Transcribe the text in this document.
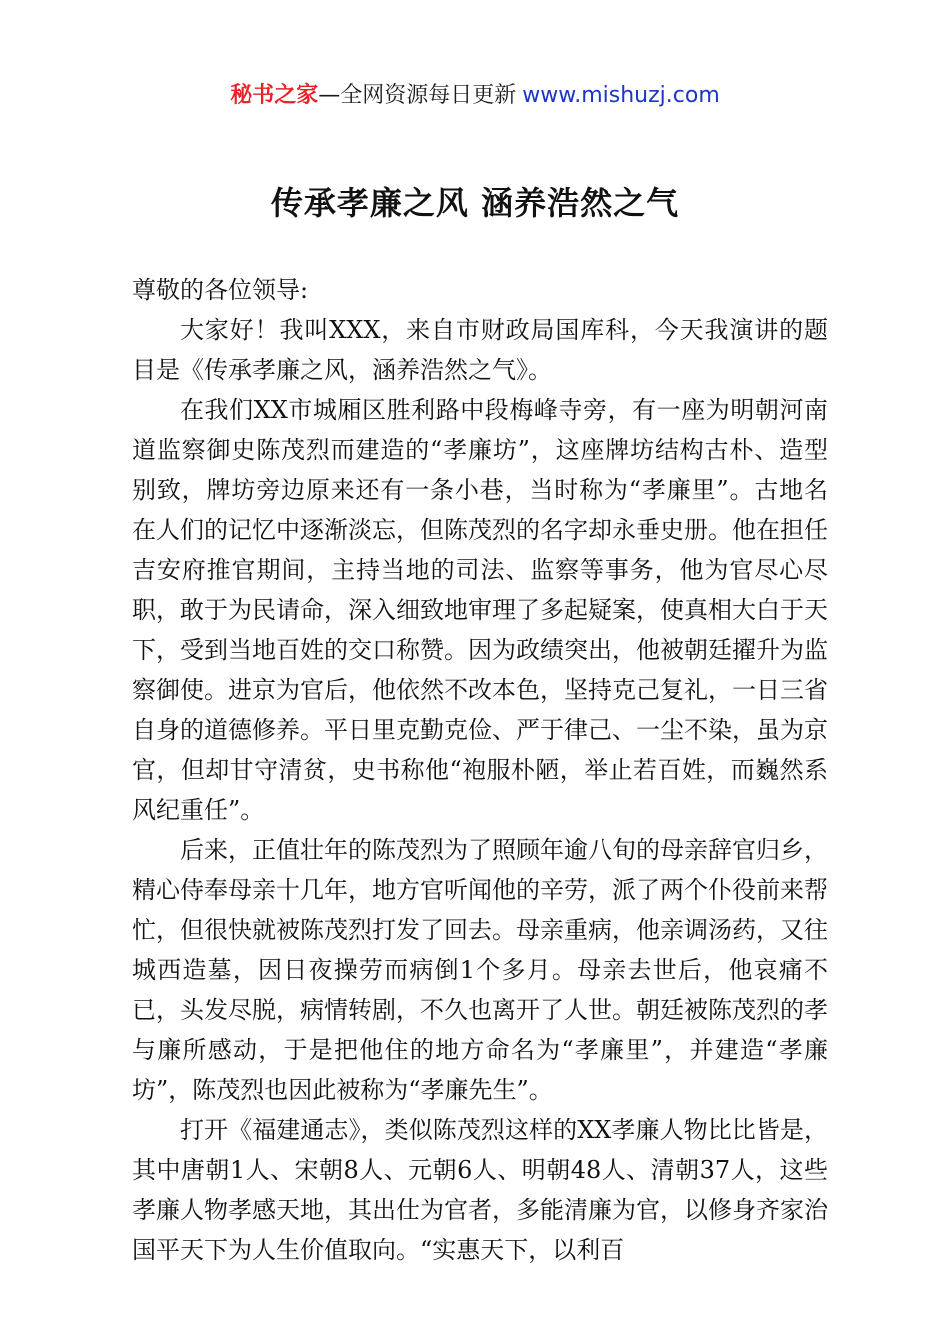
秘书之家—全网资源每日更新 www.mishuzj.com
传承孝廉之风 涵养浩然之气

尊敬的各位领导:

大家好！我叫XXX，来自市财政局国库科，今天我演讲的题目是《传承孝廉之风，涵养浩然之气》。

在我们XX市城厢区胜利路中段梅峰寺旁，有一座为明朝河南道监察御史陈茂烈而建造的“孝廉坊”，这座牌坊结构古朴、造型别致，牌坊旁边原来还有一条小巷，当时称为“孝廉里”。古地名在人们的记忆中逐渐淡忘，但陈茂烈的名字却永垂史册。他在担任吉安府推官期间，主持当地的司法、监察等事务，他为官尽心尽职，敢于为民请命，深入细致地审理了多起疑案，使真相大白于天下，受到当地百姓的交口称赞。因为政绩突出，他被朝廷擢升为监察御使。进京为官后，他依然不改本色，坚持克己复礼，一日三省自身的道德修养。平日里克勤克俭、严于律己、一尘不染，虽为京官，但却甘守清贫，史书称他“袍服朴陋，举止若百姓，而巍然系风纪重任”。

后来，正值壮年的陈茂烈为了照顾年逾八旬的母亲辞官归乡，精心侍奉母亲十几年，地方官听闻他的辛劳，派了两个仆役前来帮忙，但很快就被陈茂烈打发了回去。母亲重病，他亲调汤药，又往城西造墓，因日夜操劳而病倒1个多月。母亲去世后，他哀痛不已，头发尽脱，病情转剧，不久也离开了人世。朝廷被陈茂烈的孝与廉所感动，于是把他住的地方命名为“孝廉里”，并建造“孝廉坊”，陈茂烈也因此被称为“孝廉先生”。

打开《福建通志》，类似陈茂烈这样的XX孝廉人物比比皆是，其中唐朝1人、宋朝8人、元朝6人、明朝48人、清朝37人，这些孝廉人物孝感天地，其出仕为官者，多能清廉为官，以修身齐家治国平天下为人生价值取向。“实惠天下，以利百
